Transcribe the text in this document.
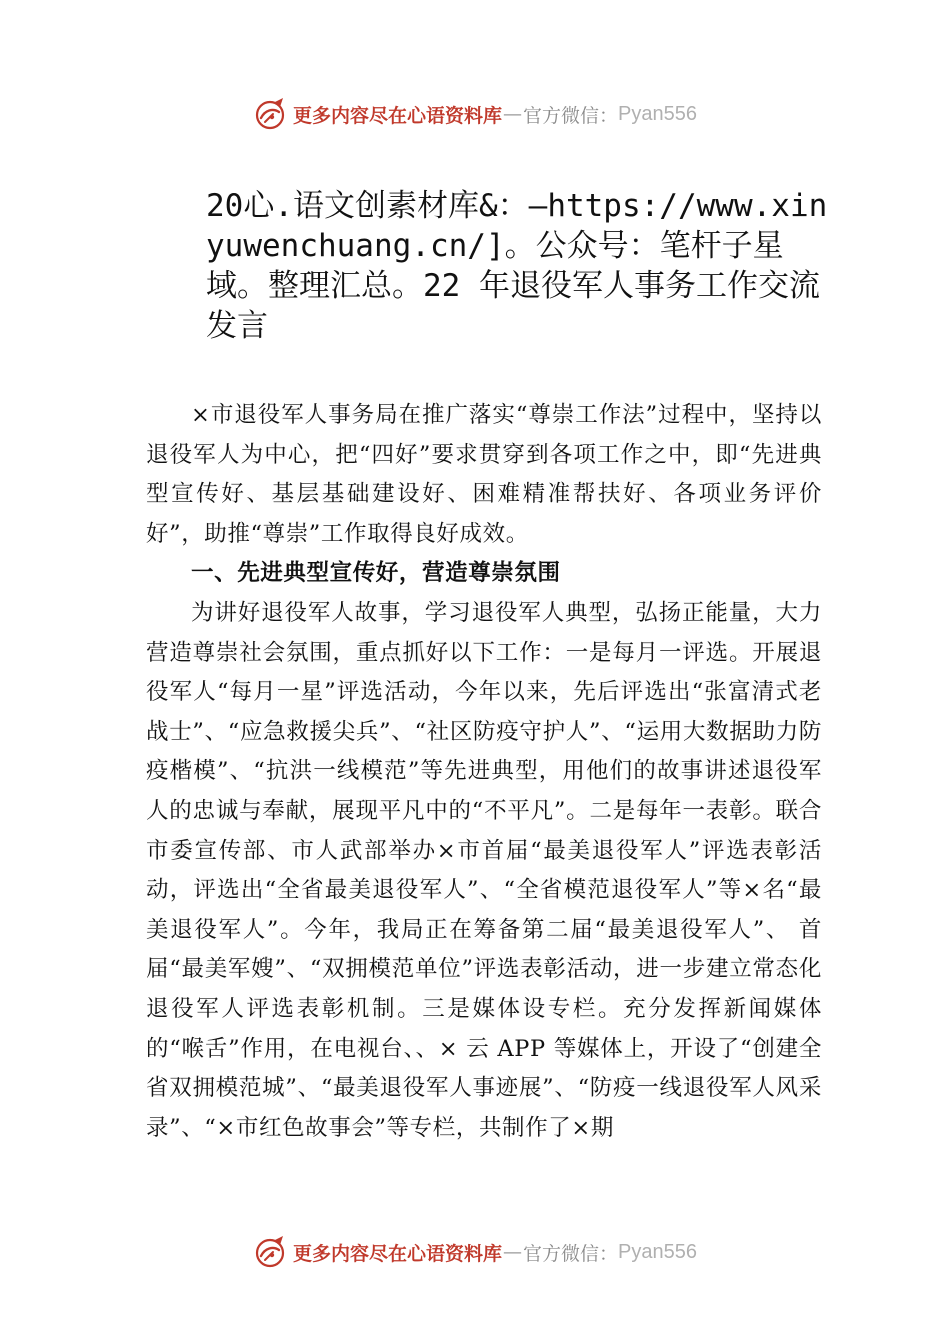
更多内容尽在心语资料库 — 官方微信： Pyan556
20心.语文创素材库&：—https://www.xinyuwenchuang.cn/]。公众号：笔杆子星域。整理汇总。22 年退役军人事务工作交流发言

×市退役军人事务局在推广落实“尊崇工作法”过程中，坚持以退役军人为中心，把“四好”要求贯穿到各项工作之中，即“先进典型宣传好、基层基础建设好、困难精准帮扶好、各项业务评价好”，助推“尊崇”工作取得良好成效。

一、先进典型宣传好，营造尊崇氛围

为讲好退役军人故事，学习退役军人典型，弘扬正能量，大力营造尊崇社会氛围，重点抓好以下工作：一是每月一评选。开展退役军人“每月一星”评选活动，今年以来，先后评选出“张富清式老战士”、“应急救援尖兵”、“社区防疫守护人”、“运用大数据助力防疫楷模”、“抗洪一线模范”等先进典型，用他们的故事讲述退役军人的忠诚与奉献，展现平凡中的“不平凡”。二是每年一表彰。联合市委宣传部、市人武部举办×市首届“最美退役军人”评选表彰活动，评选出“全省最美退役军人”、“全省模范退役军人”等×名“最美退役军人”。今年，我局正在筹备第二届“最美退役军人”、 首届“最美军嫂”、“双拥模范单位”评选表彰活动，进一步建立常态化退役军人评选表彰机制。三是媒体设专栏。充分发挥新闻媒体的“喉舌”作用，在电视台、、× 云 APP 等媒体上，开设了“创建全省双拥模范城”、“最美退役军人事迹展”、“防疫一线退役军人风采录”、“×市红色故事会”等专栏，共制作了×期

更多内容尽在心语资料库 — 官方微信： Pyan556
